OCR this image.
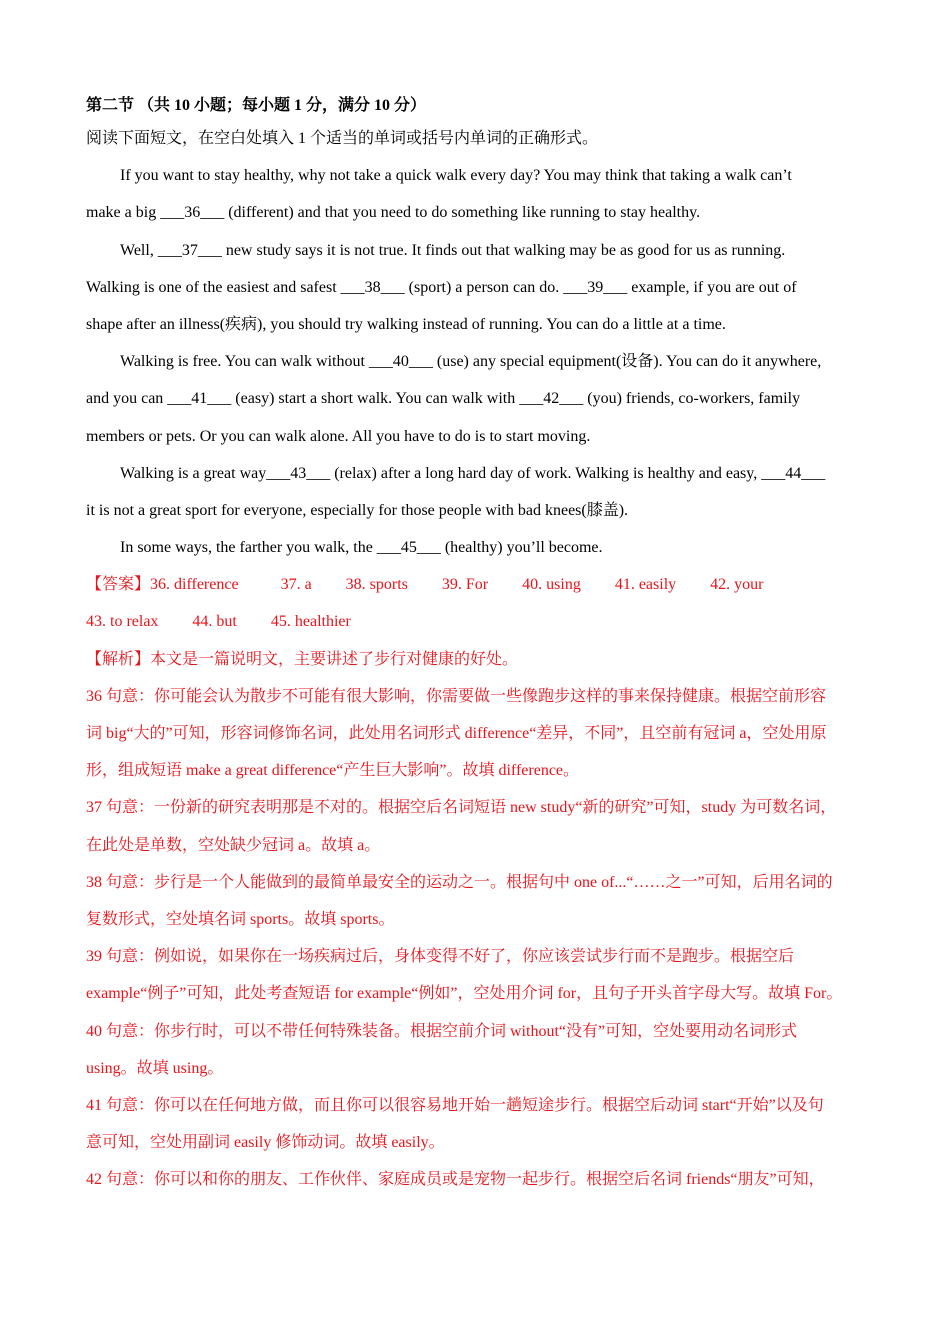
第二节 （共 10 小题；每小题 1 分，满分 10 分）
阅读下面短文，在空白处填入 1 个适当的单词或括号内单词的正确形式。
If you want to stay healthy, why not take a quick walk every day? You may think that taking a walk can’t
make a big ___36___ (different) and that you need to do something like running to stay healthy.
Well, ___37___ new study says it is not true. It finds out that walking may be as good for us as running.
Walking is one of the easiest and safest ___38___ (sport) a person can do. ___39___ example, if you are out of
shape after an illness(疾病), you should try walking instead of running. You can do a little at a time.
Walking is free. You can walk without ___40___ (use) any special equipment(设备). You can do it anywhere,
and you can ___41___ (easy) start a short walk. You can walk with ___42___ (you) friends, co-workers, family
members or pets. Or you can walk alone. All you have to do is to start moving.
Walking is a great way___43___ (relax) after a long hard day of work. Walking is healthy and easy, ___44___
it is not a great sport for everyone, especially for those people with bad knees(膝盖).
In some ways, the farther you walk, the ___45___ (healthy) you’ll become.
【答案】36. difference	37. a 38. sports 39. For 40. using 41. easily 42. your
43. to relax 44. but 45. healthier
【解析】本文是一篇说明文，主要讲述了步行对健康的好处。
36 句意：你可能会认为散步不可能有很大影响，你需要做一些像跑步这样的事来保持健康。根据空前形容
词 big“大的”可知，形容词修饰名词，此处用名词形式 difference“差异，不同”，且空前有冠词 a，空处用原
形，组成短语 make a great difference“产生巨大影响”。故填 difference。
37 句意：一份新的研究表明那是不对的。根据空后名词短语 new study“新的研究”可知，study 为可数名词，
在此处是单数，空处缺少冠词 a。故填 a。
38 句意：步行是一个人能做到的最简单最安全的运动之一。根据句中 one of...“……之一”可知，后用名词的
复数形式，空处填名词 sports。故填 sports。
39 句意：例如说，如果你在一场疾病过后，身体变得不好了，你应该尝试步行而不是跑步。根据空后
example“例子”可知，此处考查短语 for example“例如”，空处用介词 for，且句子开头首字母大写。故填 For。
40 句意：你步行时，可以不带任何特殊装备。根据空前介词 without“没有”可知，空处要用动名词形式
using。故填 using。
41 句意：你可以在任何地方做，而且你可以很容易地开始一趟短途步行。根据空后动词 start“开始”以及句
意可知，空处用副词 easily 修饰动词。故填 easily。
42 句意：你可以和你的朋友、工作伙伴、家庭成员或是宠物一起步行。根据空后名词 friends“朋友”可知，
